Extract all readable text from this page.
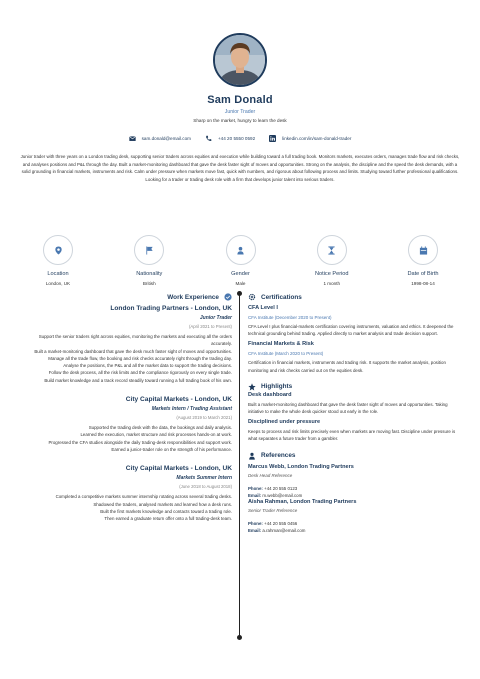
Sam Donald
Junior Trader
Sharp on the market, hungry to learn the desk
sam.donald@email.com	+44 20 5550 0592	linkedin.com/in/sam-donald-trader
Junior trader with three years on a London trading desk, supporting senior traders across equities and execution while building toward a full trading book. Monitors markets, executes orders, manages trade flow and risk checks, and analyses positions and P&L through the day. Built a market-monitoring dashboard that gave the desk faster sight of moves and opportunities. Strong on the analysis, the discipline and the speed the desk demands, with a solid grounding in financial markets, instruments and risk. Calm under pressure when markets move fast, quick with numbers, and rigorous about following process and limits. Studying toward further professional qualifications. Looking for a trader or trading desk role with a firm that develops junior talent into serious traders.
Location
London, UK
Nationality
British
Gender
Male
Notice Period
1 month
Date of Birth
1998-08-14
Work Experience
London Trading Partners - London, UK
Junior Trader
(April 2021 to Present)
Support the senior traders right across equities, monitoring the markets and executing all the orders accurately.
Built a market-monitoring dashboard that gave the desk much faster sight of moves and opportunities.
Manage all the trade flow, the booking and risk checks accurately right through the trading day.
Analyse the positions, the P&L and all the market data to support the trading decisions.
Follow the desk process, all the risk limits and the compliance rigorously on every single trade.
Build market knowledge and a track record steadily toward running a full trading book of his own.
City Capital Markets - London, UK
Markets Intern / Trading Assistant
(August 2019 to March 2021)
Supported the trading desk with the data, the bookings and daily analysis.
Learned the execution, market structure and risk processes hands-on at work.
Progressed the CFA studies alongside the daily trading-desk responsibilities and support work.
Earned a junior-trader role on the strength of his performance.
City Capital Markets - London, UK
Markets Summer Intern
(June 2018 to August 2018)
Completed a competitive markets summer internship rotating across several trading desks.
Shadowed the traders, analysed markets and learned how a desk runs.
Built the first markets knowledge and contacts toward a trading role.
Then earned a graduate return offer onto a full trading-desk team.
Certifications
CFA Level I
CFA Institute (December 2020 to Present)
CFA Level I plus financial-markets certification covering instruments, valuation and ethics. It deepened the technical grounding behind trading. Applied directly to market analysis and trade decision support.
Financial Markets & Risk
CFA Institute (March 2020 to Present)
Certification in financial markets, instruments and trading risk. It supports the market analysis, position monitoring and risk checks carried out on the equities desk.
Highlights
Desk dashboard
Built a market-monitoring dashboard that gave the desk faster sight of moves and opportunities. Taking initiative to make the whole desk quicker stood out early in the role.
Disciplined under pressure
Keeps to process and risk limits precisely even when markets are moving fast. Discipline under pressure is what separates a future trader from a gambler.
References
Marcus Webb, London Trading Partners
Desk Head Reference
Phone: +44 20 555 0123
Email: m.webb@email.com
Aisha Rahman, London Trading Partners
Senior Trader Reference
Phone: +44 20 555 0456
Email: a.rahman@email.com
